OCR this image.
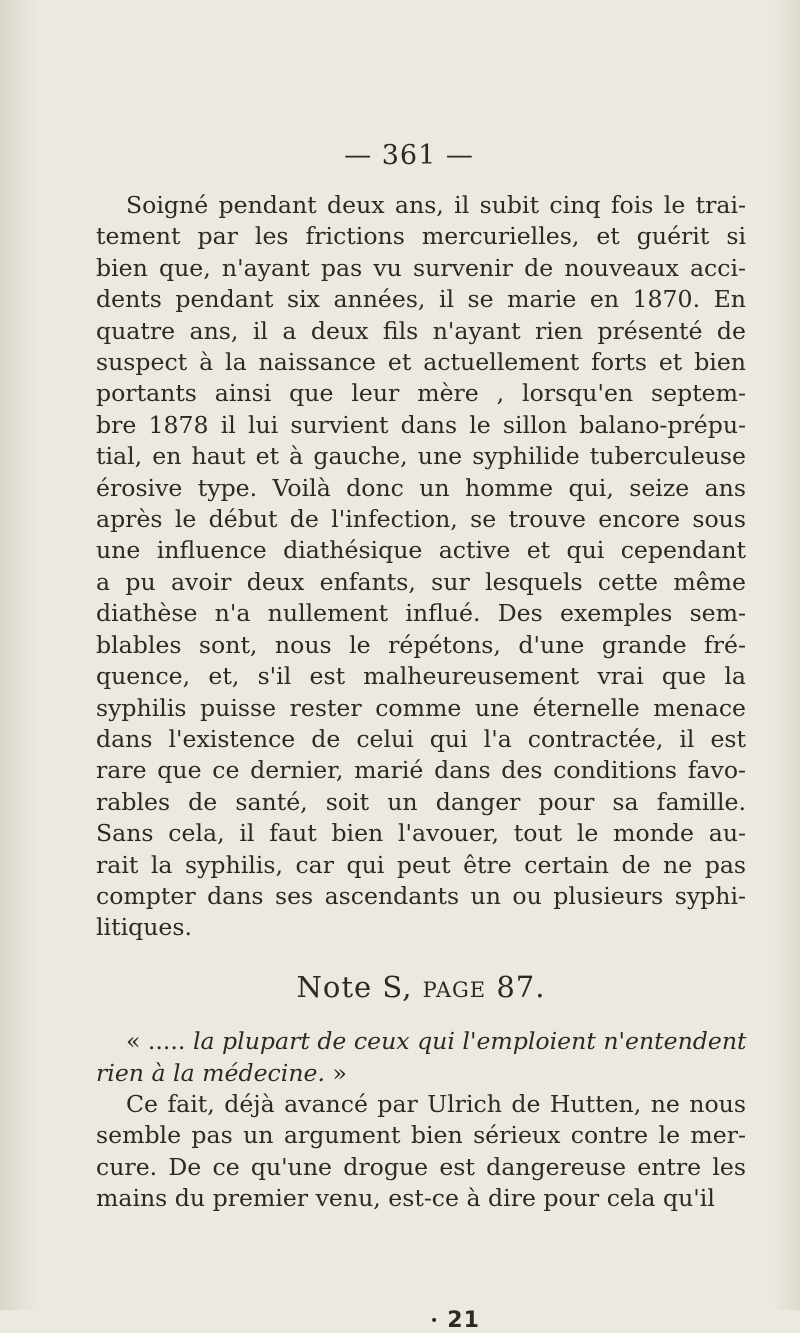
— 361 —
Soigné pendant deux ans, il subit cinq fois le trai-
tement par les frictions mercurielles, et guérit si
bien que, n'ayant pas vu survenir de nouveaux acci-
dents pendant six années, il se marie en 1870. En
quatre ans, il a deux fils n'ayant rien présenté de
suspect à la naissance et actuellement forts et bien
portants ainsi que leur mère , lorsqu'en septem-
bre 1878 il lui survient dans le sillon balano-prépu-
tial, en haut et à gauche, une syphilide tuberculeuse
érosive type. Voilà donc un homme qui, seize ans
après le début de l'infection, se trouve encore sous
une influence diathésique active et qui cependant
a pu avoir deux enfants, sur lesquels cette même
diathèse n'a nullement influé. Des exemples sem-
blables sont, nous le répétons, d'une grande fré-
quence, et, s'il est malheureusement vrai que la
syphilis puisse rester comme une éternelle menace
dans l'existence de celui qui l'a contractée, il est
rare que ce dernier, marié dans des conditions favo-
rables de santé, soit un danger pour sa famille.
Sans cela, il faut bien l'avouer, tout le monde au-
rait la syphilis, car qui peut être certain de ne pas
compter dans ses ascendants un ou plusieurs syphi-
litiques.
Note S, PAGE 87.
« ..... la plupart de ceux qui l'emploient n'entendent
rien à la médecine. »
Ce fait, déjà avancé par Ulrich de Hutten, ne nous
semble pas un argument bien sérieux contre le mer-
cure. De ce qu'une drogue est dangereuse entre les
mains du premier venu, est-ce à dire pour cela qu'il
• 21
